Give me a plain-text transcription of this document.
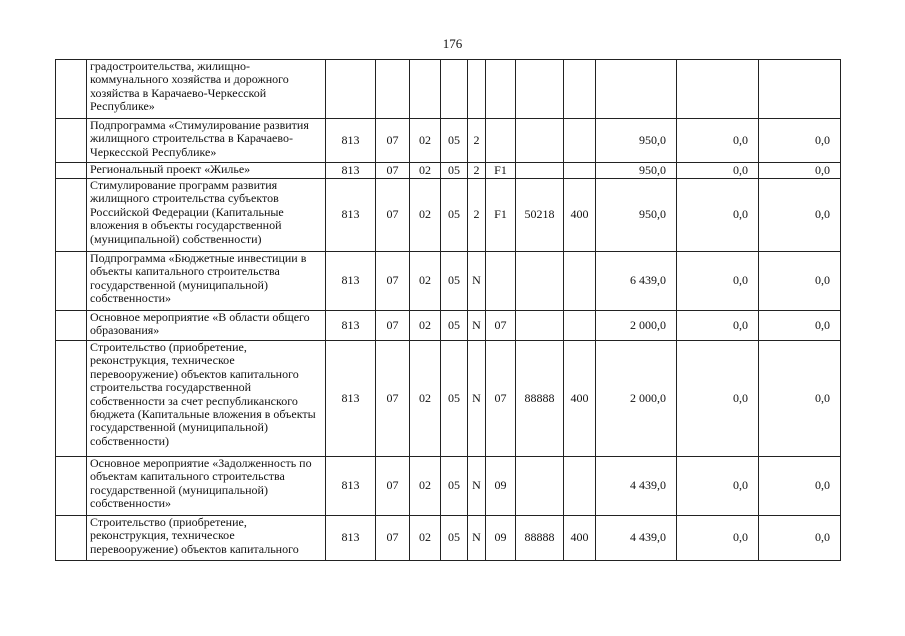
176
	градостроительства, жилищно-коммунального хозяйства и дорожного хозяйства в Карачаево-Черкесской Республике»											
	Подпрограмма «Стимулирование развития жилищного строительства в Карачаево-Черкесской Республике»	813	07	02	05	2				950,0	0,0	0,0
	Региональный проект «Жилье»	813	07	02	05	2	F1			950,0	0,0	0,0
	Стимулирование программ развития жилищного строительства субъектов Российской Федерации (Капитальные вложения в объекты государственной (муниципальной) собственности)	813	07	02	05	2	F1	50218	400	950,0	0,0	0,0
	Подпрограмма «Бюджетные инвестиции в объекты капитального строительства государственной (муниципальной) собственности»	813	07	02	05	N				6 439,0	0,0	0,0
	Основное мероприятие «В области общего образования»	813	07	02	05	N	07			2 000,0	0,0	0,0
	Строительство (приобретение, реконструкция, техническое перевооружение) объектов капитального строительства государственной собственности за счет республиканского бюджета (Капитальные вложения в объекты государственной (муниципальной) собственности)	813	07	02	05	N	07	88888	400	2 000,0	0,0	0,0
	Основное мероприятие «Задолженность по объектам капитального строительства государственной (муниципальной) собственности»	813	07	02	05	N	09			4 439,0	0,0	0,0
	Строительство (приобретение, реконструкция, техническое перевооружение) объектов капитального	813	07	02	05	N	09	88888	400	4 439,0	0,0	0,0
